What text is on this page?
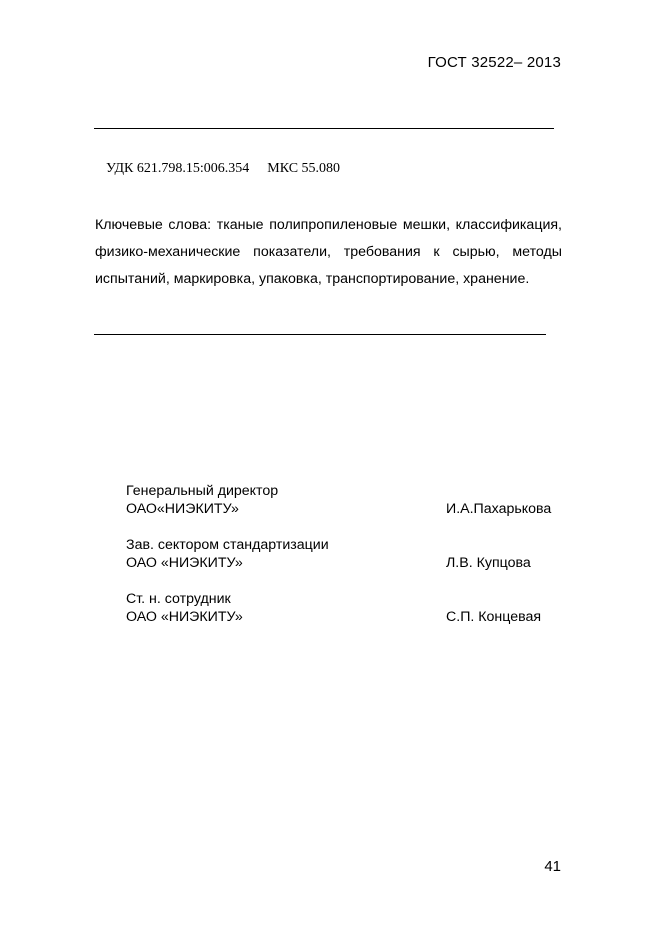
ГОСТ 32522– 2013
УДК 621.798.15:006.354 МКС 55.080
Ключевые слова: тканые полипропиленовые мешки, классификация, физико-механические показатели, требования к сырью, методы испытаний, маркировка, упаковка, транспортирование, хранение.
Генеральный директор
ОАО«НИЭКИТУ»	И.А.Пахарькова
Зав. сектором стандартизации
ОАО «НИЭКИТУ»	Л.В. Купцова
Ст. н. сотрудник
ОАО «НИЭКИТУ»	С.П. Концевая
41
